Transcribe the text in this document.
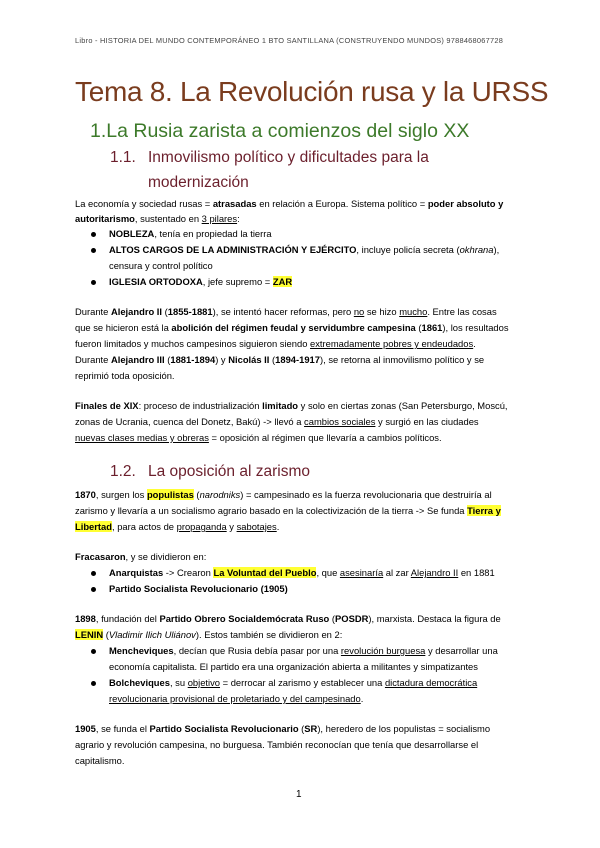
Libro - HISTORIA DEL MUNDO CONTEMPORÁNEO 1 BTO SANTILLANA (CONSTRUYENDO MUNDOS) 9788468067728
Tema 8. La Revolución rusa y la URSS
1.La Rusia zarista a comienzos del siglo XX
1.1. Inmovilismo político y dificultades para la
modernización
La economía y sociedad rusas = atrasadas en relación a Europa. Sistema político = poder absoluto y
autoritarismo, sustentado en 3 pilares:
NOBLEZA, tenía en propiedad la tierra
ALTOS CARGOS DE LA ADMINISTRACIÓN Y EJÉRCITO, incluye policía secreta (okhrana),
censura y control político
IGLESIA ORTODOXA, jefe supremo = ZAR
Durante Alejandro II (1855-1881), se intentó hacer reformas, pero no se hizo mucho. Entre las cosas
que se hicieron está la abolición del régimen feudal y servidumbre campesina (1861), los resultados
fueron limitados y muchos campesinos siguieron siendo extremadamente pobres y endeudados.
Durante Alejandro III (1881-1894) y Nicolás II (1894-1917), se retorna al inmovilismo político y se
reprimió toda oposición.
Finales de XIX: proceso de industrialización limitado y solo en ciertas zonas (San Petersburgo, Moscú,
zonas de Ucrania, cuenca del Donetz, Bakú) -> llevó a cambios sociales y surgió en las ciudades
nuevas clases medias y obreras = oposición al régimen que llevaría a cambios políticos.
1.2. La oposición al zarismo
1870, surgen los populistas (narodniks) = campesinado es la fuerza revolucionaria que destruiría al
zarismo y llevaría a un socialismo agrario basado en la colectivización de la tierra -> Se funda Tierra y
Libertad, para actos de propaganda y sabotajes.
Fracasaron, y se dividieron en:
Anarquistas -> Crearon La Voluntad del Pueblo, que asesinaría al zar Alejandro II en 1881
Partido Socialista Revolucionario (1905)
1898, fundación del Partido Obrero Socialdemócrata Ruso (POSDR), marxista. Destaca la figura de
LENIN (Vladimir Ilich Uliánov). Estos también se dividieron en 2:
Mencheviques, decían que Rusia debía pasar por una revolución burguesa y desarrollar una
economía capitalista. El partido era una organización abierta a militantes y simpatizantes
Bolcheviques, su objetivo = derrocar al zarismo y establecer una dictadura democrática
revolucionaria provisional de proletariado y del campesinado.
1905, se funda el Partido Socialista Revolucionario (SR), heredero de los populistas = socialismo
agrario y revolución campesina, no burguesa. También reconocían que tenía que desarrollarse el
capitalismo.
1
